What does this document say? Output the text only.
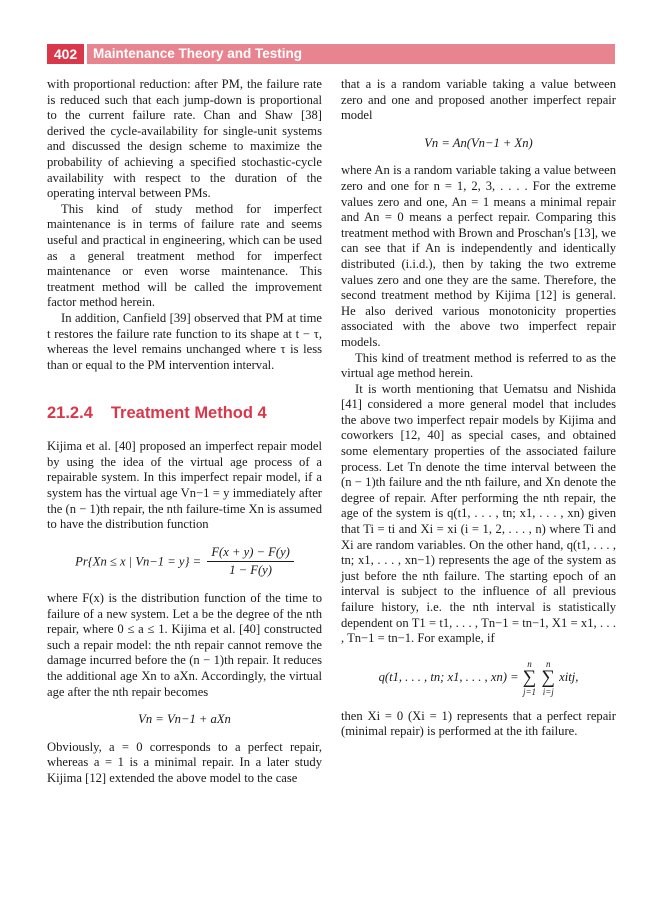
402	Maintenance Theory and Testing

with proportional reduction: after PM, the failure rate is reduced such that each jump-down is proportional to the current failure rate. Chan and Shaw [38] derived the cycle-availability for single-unit systems and discussed the design scheme to maximize the probability of achieving a specified stochastic-cycle availability with respect to the duration of the operating interval between PMs.

This kind of study method for imperfect maintenance is in terms of failure rate and seems useful and practical in engineering, which can be used as a general treatment method for imperfect maintenance or even worse maintenance. This treatment method will be called the improvement factor method herein.

In addition, Canfield [39] observed that PM at time t restores the failure rate function to its shape at t − τ, whereas the level remains unchanged where τ is less than or equal to the PM intervention interval.

21.2.4 Treatment Method 4

Kijima et al. [40] proposed an imperfect repair model by using the idea of the virtual age process of a repairable system. In this imperfect repair model, if a system has the virtual age Vn−1 = y immediately after the (n − 1)th repair, the nth failure-time Xn is assumed to have the distribution function

Pr{Xn ≤ x | $Vn-1 = y\} = \frac{F(x + y) - F(y)}{1 - F(y)}$

where F(x) is the distribution function of the time to failure of a new system. Let a be the degree of the nth repair, where 0 ≤ a ≤ 1. Kijima et al. [40] constructed such a repair model: the nth repair cannot remove the damage incurred before the (n − 1)th repair. It reduces the additional age Xn to aXn. Accordingly, the virtual age after the nth repair becomes

Vn = Vn−1 + aXn

Obviously, a = 0 corresponds to a perfect repair, whereas a = 1 is a minimal repair. In a later study Kijima [12] extended the above model to the case

that a is a random variable taking a value between zero and one and proposed another imperfect repair model

Vn = An(Vn−1 + Xn)

where An is a random variable taking a value between zero and one for n = 1, 2, 3, . . . . For the extreme values zero and one, An = 1 means a minimal repair and An = 0 means a perfect repair. Comparing this treatment method with Brown and Proschan's [13], we can see that if An is independently and identically distributed (i.i.d.), then by taking the two extreme values zero and one they are the same. Therefore, the second treatment method by Kijima [12] is general. He also derived various monotonicity properties associated with the above two imperfect repair models.

This kind of treatment method is referred to as the virtual age method herein.

It is worth mentioning that Uematsu and Nishida [41] considered a more general model that includes the above two imperfect repair models by Kijima and coworkers [12, 40] as special cases, and obtained some elementary properties of the associated failure process. Let Tn denote the time interval between the (n − 1)th failure and the nth failure, and Xn denote the degree of repair. After performing the nth repair, the age of the system is q(t1, . . . , tn; x1, . . . , xn) given that Ti = ti and Xi = xi (i = 1, 2, . . . , n) where Ti and Xi are random variables. On the other hand, q(t1, . . . , tn; x1, . . . , xn−1) represents the age of the system as just before the nth failure. The starting epoch of an interval is subject to the influence of all previous failure history, i.e. the nth interval is statistically dependent on T1 = t1, . . . , Tn−1 = tn−1, X1 = x1, . . . , Tn−1 = tn−1. For example, if

q(t1, . . . , tn; x1, . . . , xn) =
n
∑
j=1

n
∑
i=j
xitj,

then Xi = 0 (Xi = 1) represents that a perfect repair (minimal repair) is performed at the ith failure.
